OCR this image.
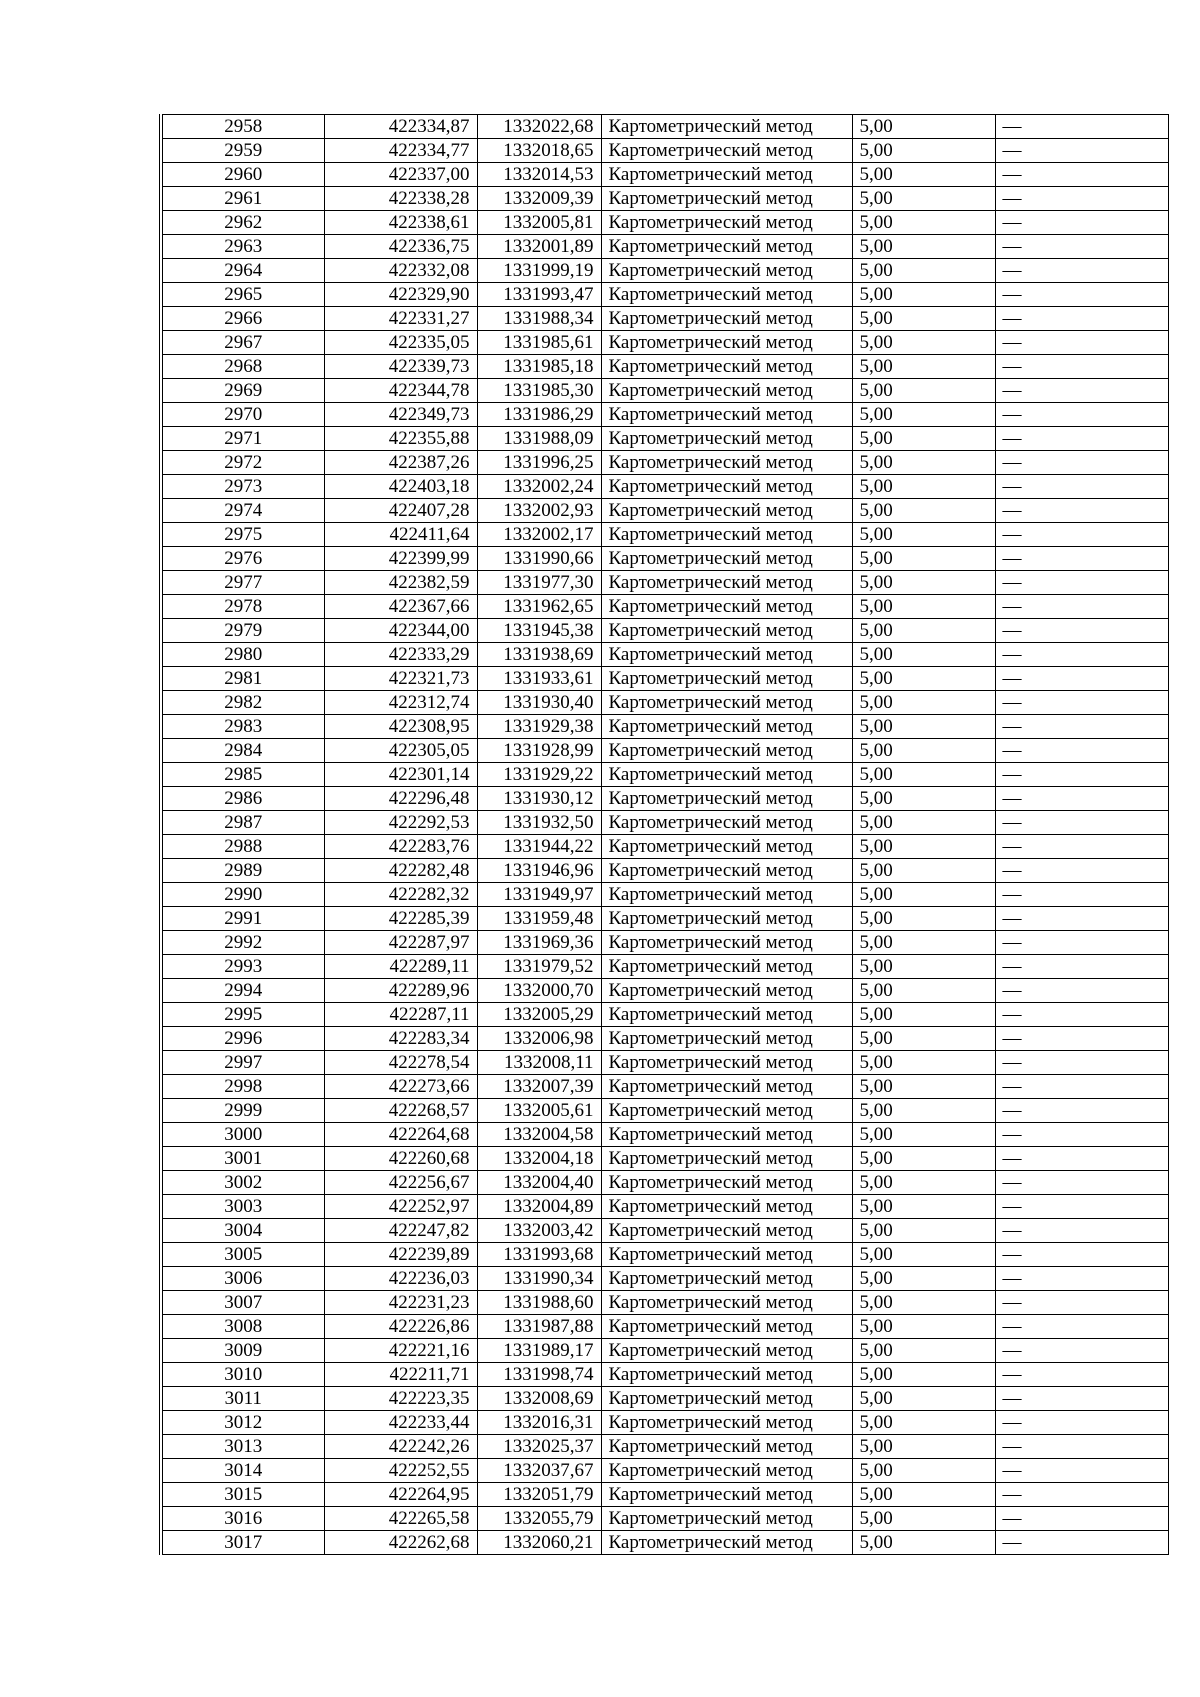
2958	422334,87	1332022,68	Картометрический метод	5,00	—
2959	422334,77	1332018,65	Картометрический метод	5,00	—
2960	422337,00	1332014,53	Картометрический метод	5,00	—
2961	422338,28	1332009,39	Картометрический метод	5,00	—
2962	422338,61	1332005,81	Картометрический метод	5,00	—
2963	422336,75	1332001,89	Картометрический метод	5,00	—
2964	422332,08	1331999,19	Картометрический метод	5,00	—
2965	422329,90	1331993,47	Картометрический метод	5,00	—
2966	422331,27	1331988,34	Картометрический метод	5,00	—
2967	422335,05	1331985,61	Картометрический метод	5,00	—
2968	422339,73	1331985,18	Картометрический метод	5,00	—
2969	422344,78	1331985,30	Картометрический метод	5,00	—
2970	422349,73	1331986,29	Картометрический метод	5,00	—
2971	422355,88	1331988,09	Картометрический метод	5,00	—
2972	422387,26	1331996,25	Картометрический метод	5,00	—
2973	422403,18	1332002,24	Картометрический метод	5,00	—
2974	422407,28	1332002,93	Картометрический метод	5,00	—
2975	422411,64	1332002,17	Картометрический метод	5,00	—
2976	422399,99	1331990,66	Картометрический метод	5,00	—
2977	422382,59	1331977,30	Картометрический метод	5,00	—
2978	422367,66	1331962,65	Картометрический метод	5,00	—
2979	422344,00	1331945,38	Картометрический метод	5,00	—
2980	422333,29	1331938,69	Картометрический метод	5,00	—
2981	422321,73	1331933,61	Картометрический метод	5,00	—
2982	422312,74	1331930,40	Картометрический метод	5,00	—
2983	422308,95	1331929,38	Картометрический метод	5,00	—
2984	422305,05	1331928,99	Картометрический метод	5,00	—
2985	422301,14	1331929,22	Картометрический метод	5,00	—
2986	422296,48	1331930,12	Картометрический метод	5,00	—
2987	422292,53	1331932,50	Картометрический метод	5,00	—
2988	422283,76	1331944,22	Картометрический метод	5,00	—
2989	422282,48	1331946,96	Картометрический метод	5,00	—
2990	422282,32	1331949,97	Картометрический метод	5,00	—
2991	422285,39	1331959,48	Картометрический метод	5,00	—
2992	422287,97	1331969,36	Картометрический метод	5,00	—
2993	422289,11	1331979,52	Картометрический метод	5,00	—
2994	422289,96	1332000,70	Картометрический метод	5,00	—
2995	422287,11	1332005,29	Картометрический метод	5,00	—
2996	422283,34	1332006,98	Картометрический метод	5,00	—
2997	422278,54	1332008,11	Картометрический метод	5,00	—
2998	422273,66	1332007,39	Картометрический метод	5,00	—
2999	422268,57	1332005,61	Картометрический метод	5,00	—
3000	422264,68	1332004,58	Картометрический метод	5,00	—
3001	422260,68	1332004,18	Картометрический метод	5,00	—
3002	422256,67	1332004,40	Картометрический метод	5,00	—
3003	422252,97	1332004,89	Картометрический метод	5,00	—
3004	422247,82	1332003,42	Картометрический метод	5,00	—
3005	422239,89	1331993,68	Картометрический метод	5,00	—
3006	422236,03	1331990,34	Картометрический метод	5,00	—
3007	422231,23	1331988,60	Картометрический метод	5,00	—
3008	422226,86	1331987,88	Картометрический метод	5,00	—
3009	422221,16	1331989,17	Картометрический метод	5,00	—
3010	422211,71	1331998,74	Картометрический метод	5,00	—
3011	422223,35	1332008,69	Картометрический метод	5,00	—
3012	422233,44	1332016,31	Картометрический метод	5,00	—
3013	422242,26	1332025,37	Картометрический метод	5,00	—
3014	422252,55	1332037,67	Картометрический метод	5,00	—
3015	422264,95	1332051,79	Картометрический метод	5,00	—
3016	422265,58	1332055,79	Картометрический метод	5,00	—
3017	422262,68	1332060,21	Картометрический метод	5,00	—
